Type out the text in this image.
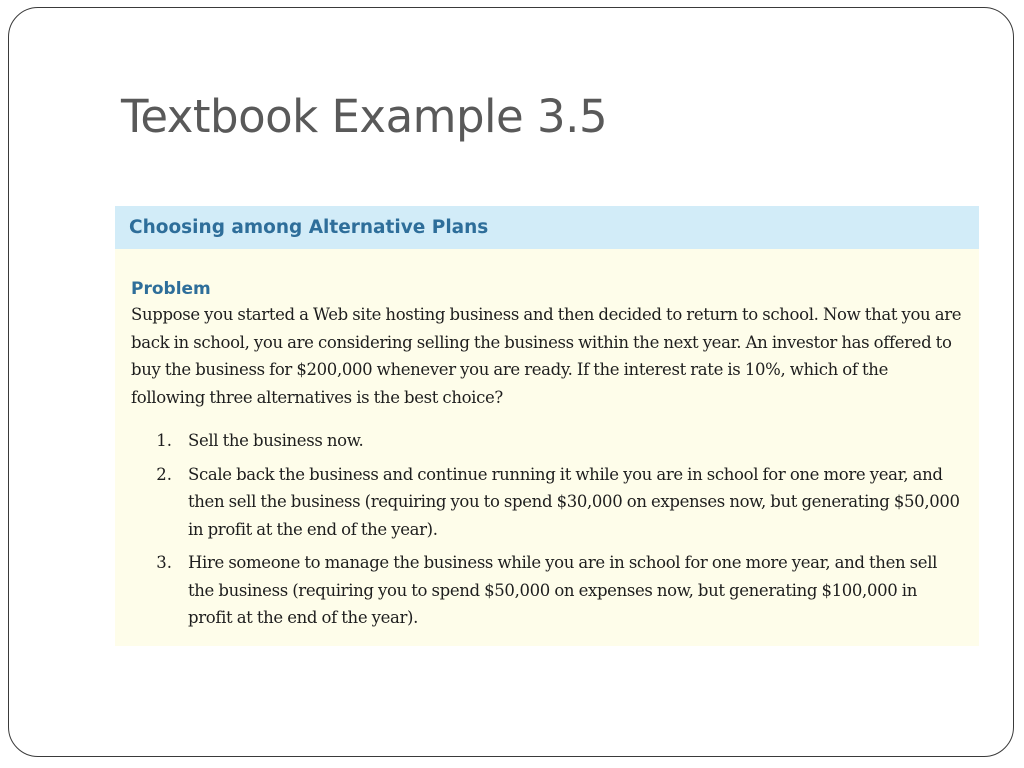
Textbook Example 3.5
Choosing among Alternative Plans
Problem

Suppose you started a Web site hosting business and then decided to return to school. Now that you are back in school, you are considering selling the business within the next year. An investor has offered to buy the business for $200,000 whenever you are ready. If the interest rate is 10%, which of the following three alternatives is the best choice?

1. Sell the business now.
2. Scale back the business and continue running it while you are in school for one more year, and then sell the business (requiring you to spend $30,000 on expenses now, but generating $50,000 in profit at the end of the year).
3. Hire someone to manage the business while you are in school for one more year, and then sell the business (requiring you to spend $50,000 on expenses now, but generating $100,000 in profit at the end of the year).
